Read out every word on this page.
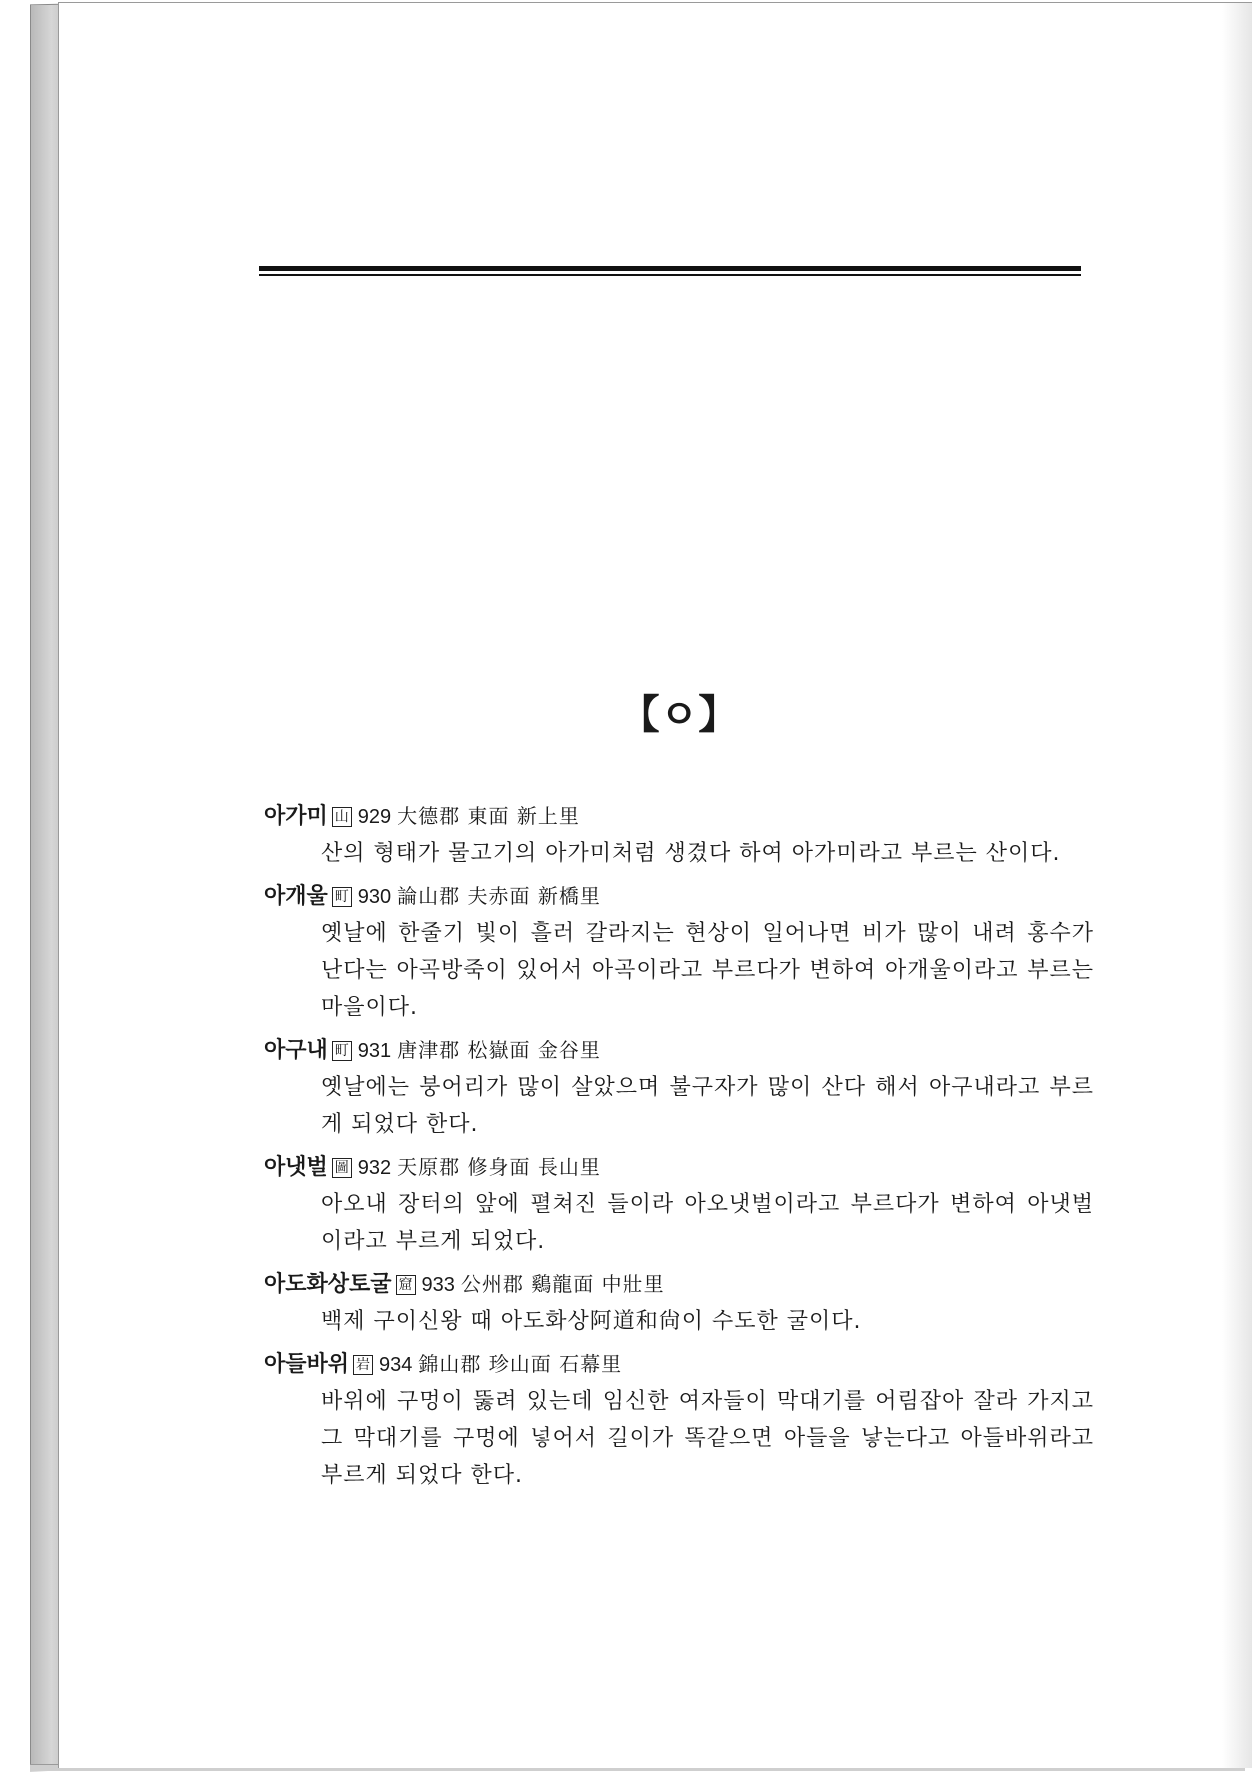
【ㅇ】
아가미 山 929 大德郡 東面 新上里
산의 형태가 물고기의 아가미처럼 생겼다 하여 아가미라고 부르는 산이다.
아개울 町 930 論山郡 夫赤面 新橋里
옛날에 한줄기 빛이 흘러 갈라지는 현상이 일어나면 비가 많이 내려 홍수가 난다는 아곡방죽이 있어서 아곡이라고 부르다가 변하여 아개울이라고 부르는 마을이다.
아구내 町 931 唐津郡 松嶽面 金谷里
옛날에는 붕어리가 많이 살았으며 불구자가 많이 산다 해서 아구내라고 부르게 되었다 한다.
아냇벌 圖 932 天原郡 修身面 長山里
아오내 장터의 앞에 펼쳐진 들이라 아오냇벌이라고 부르다가 변하여 아냇벌이라고 부르게 되었다.
아도화상토굴 窟 933 公州郡 鷄龍面 中壯里
백제 구이신왕 때 아도화상阿道和尙이 수도한 굴이다.
아들바위 岩 934 錦山郡 珍山面 石幕里
바위에 구멍이 뚫려 있는데 임신한 여자들이 막대기를 어림잡아 잘라 가지고 그 막대기를 구멍에 넣어서 길이가 똑같으면 아들을 낳는다고 아들바위라고 부르게 되었다 한다.
